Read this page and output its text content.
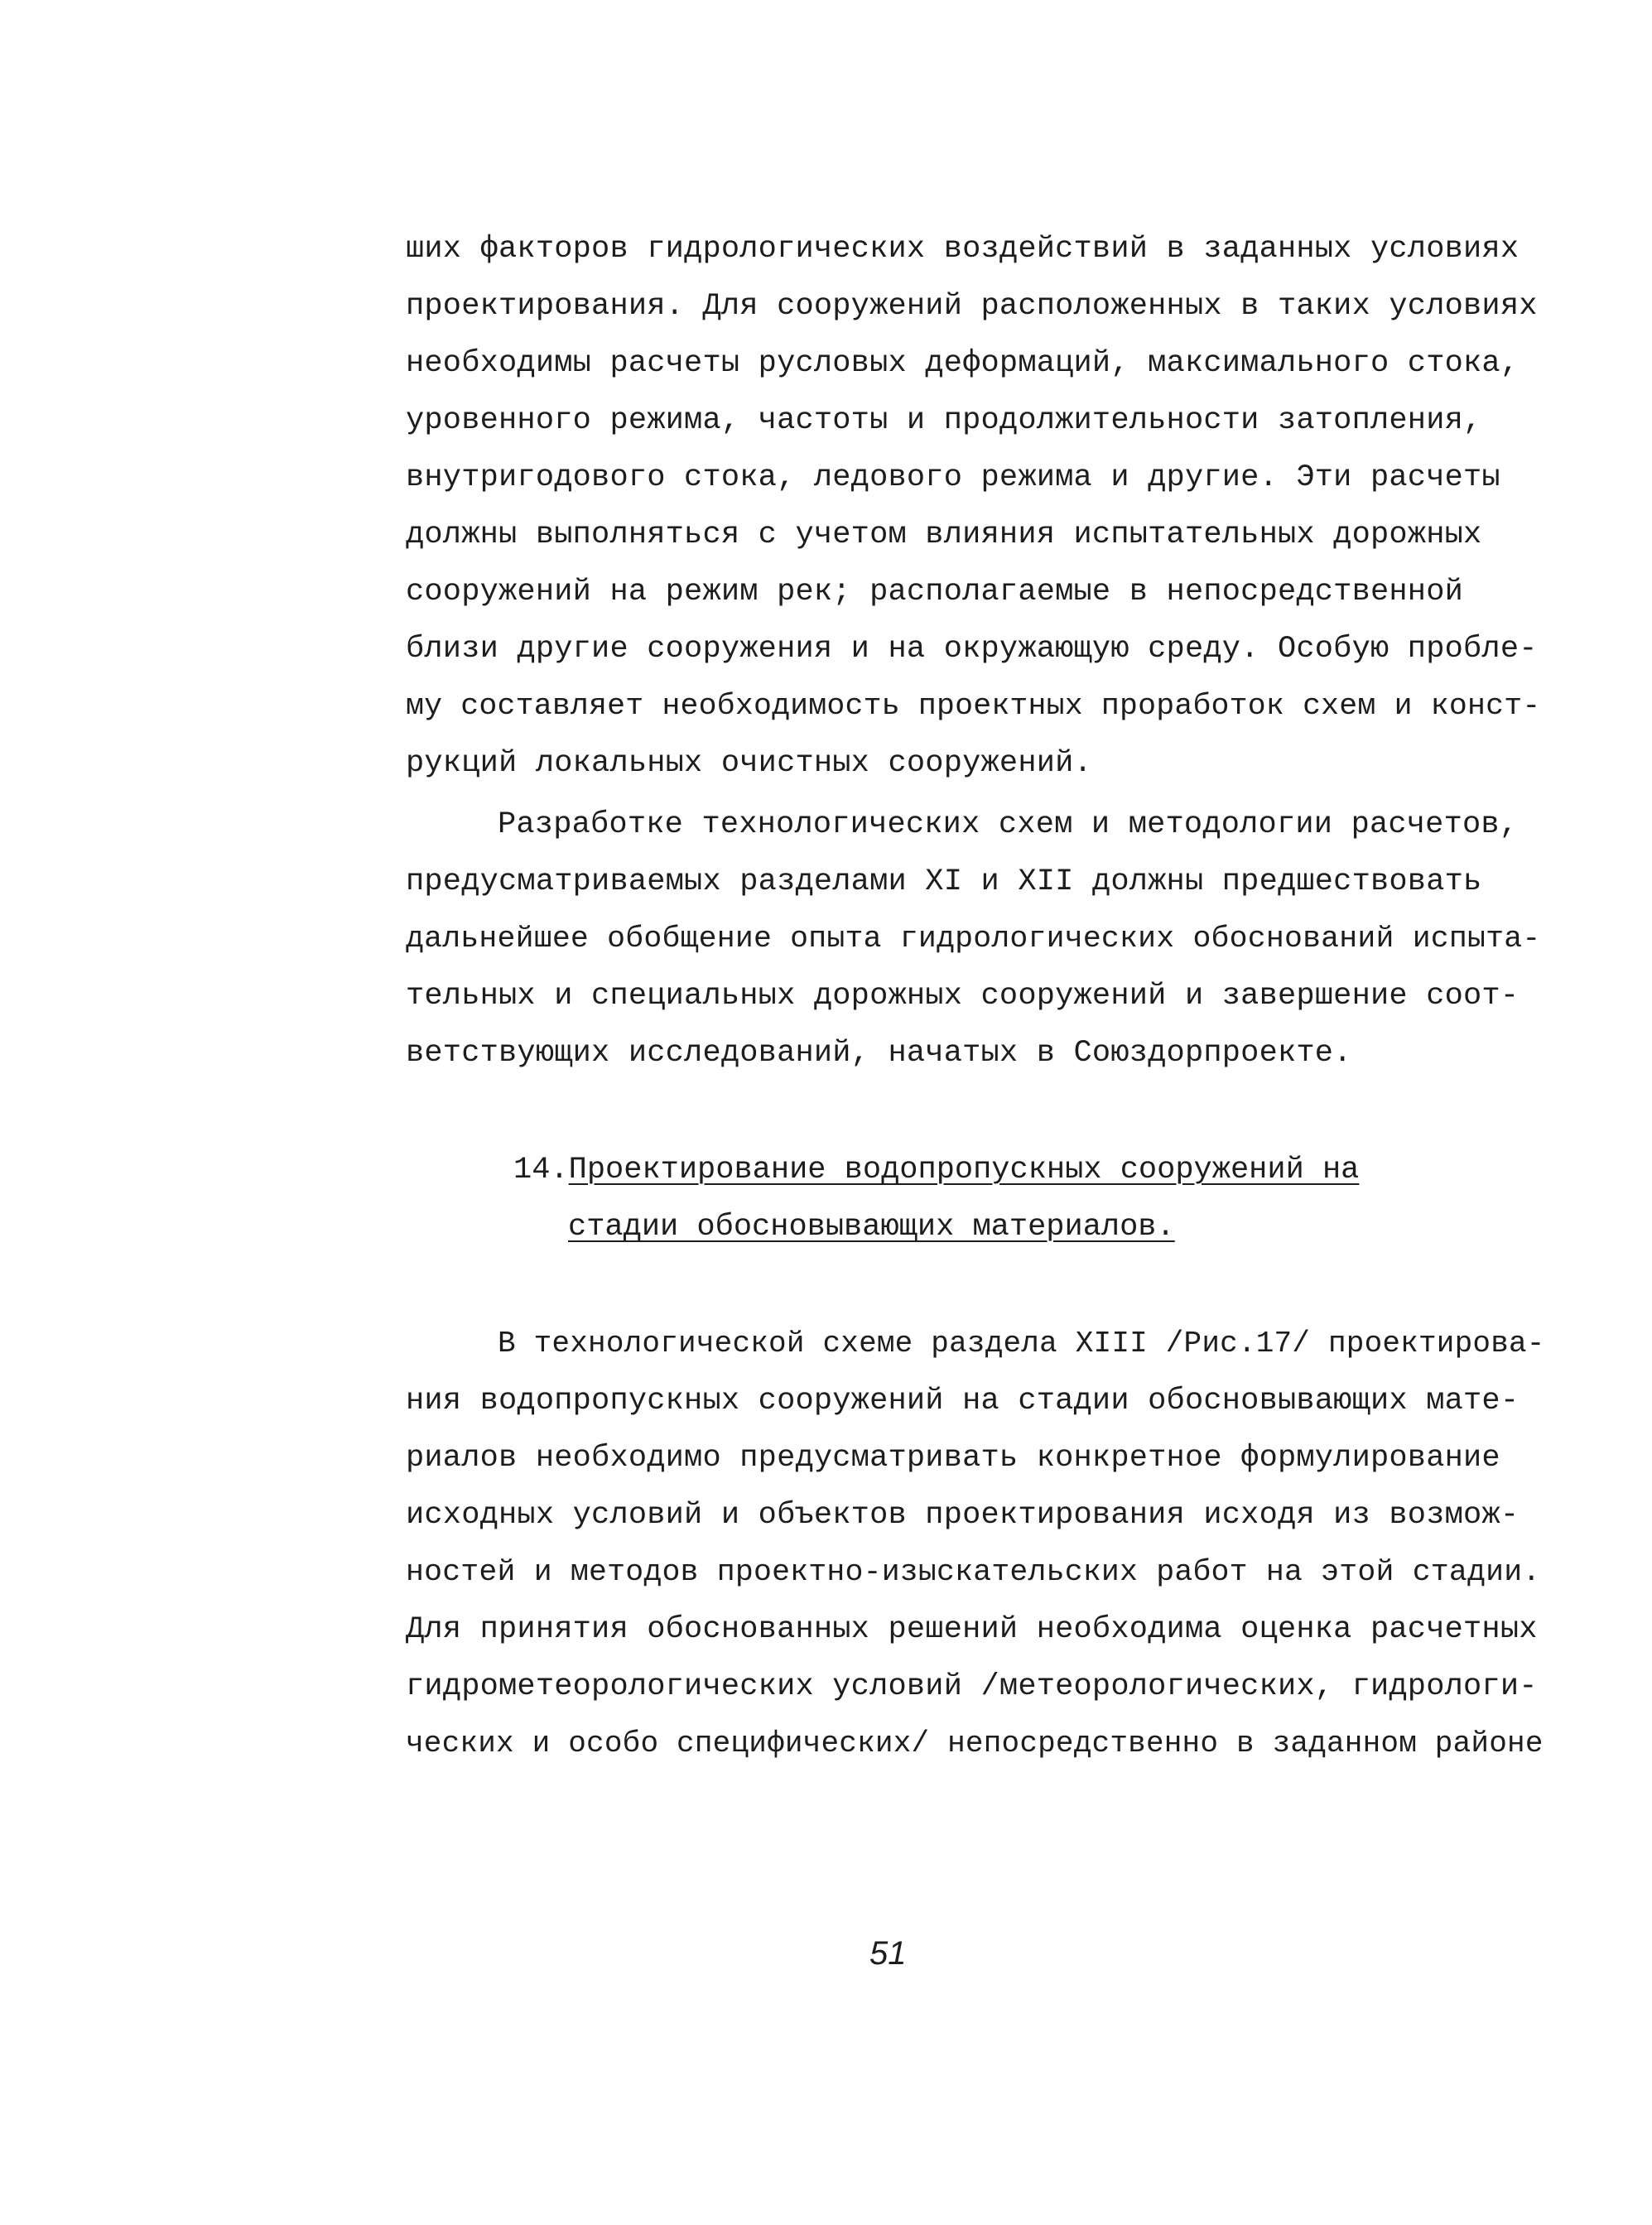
ших факторов гидрологических воздействий в заданных условиях
проектирования. Для сооружений расположенных в таких условиях
необходимы расчеты русловых деформаций, максимального стока,
уровенного режима, частоты и продолжительности затопления,
внутригодового стока, ледового режима и другие. Эти расчеты
должны выполняться с учетом влияния испытательных дорожных
сооружений на режим рек; располагаемые в непосредственной
близи другие сооружения и на окружающую среду. Особую пробле-
му составляет необходимость проектных проработок схем и конст-
рукций локальных очистных сооружений.
Разработке технологических схем и методологии расчетов,
предусматриваемых разделами XI и XII должны предшествовать
дальнейшее обобщение опыта гидрологических обоснований испыта-
тельных и специальных дорожных сооружений и завершение соот-
ветствующих исследований, начатых в Союздорпроекте.
14.Проектирование водопропускных сооружений на
стадии обосновывающих материалов.
В технологической схеме раздела XIII /Рис.17/ проектирова-
ния водопропускных сооружений на стадии обосновывающих мате-
риалов необходимо предусматривать конкретное формулирование
исходных условий и объектов проектирования исходя из возмож-
ностей и методов проектно-изыскательских работ на этой стадии.
Для принятия обоснованных решений необходима оценка расчетных
гидрометеорологических условий /метеорологических, гидрологи-
ческих и особо специфических/ непосредственно в заданном районе
51
